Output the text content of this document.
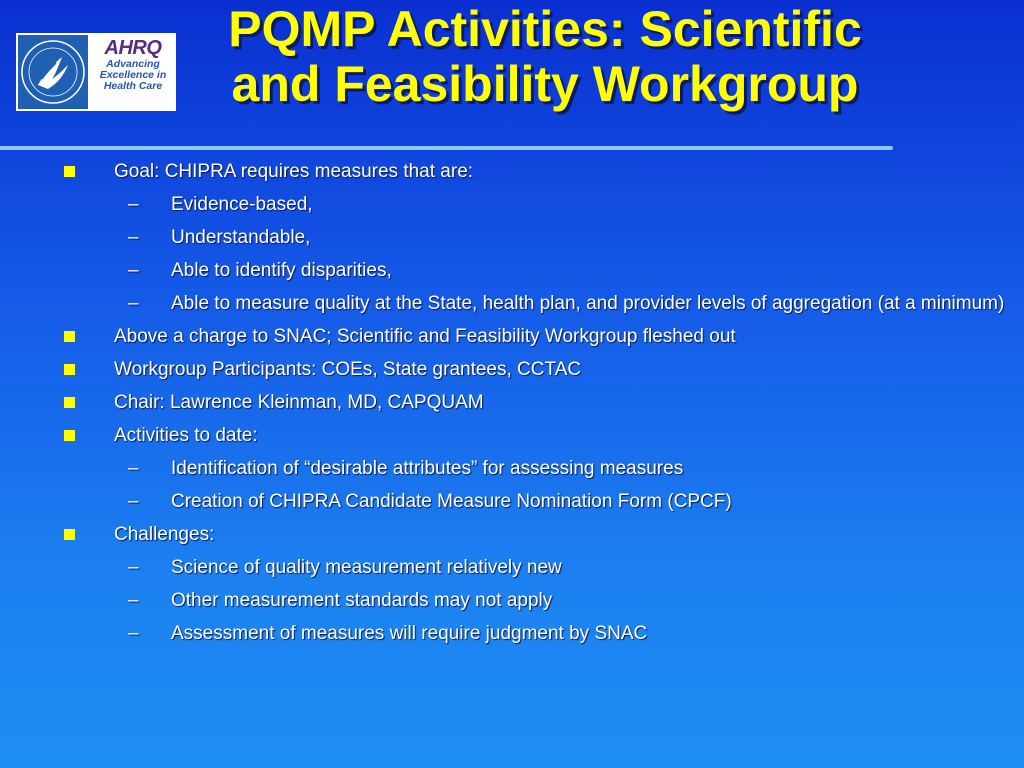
AHRQ
Advancing
Excellence in
Health Care
PQMP Activities: Scientific
and Feasibility Workgroup
Goal: CHIPRA requires measures that are:
– Evidence-based,
– Understandable,
– Able to identify disparities,
– Able to measure quality at the State, health plan, and provider levels of aggregation (at a minimum)
Above a charge to SNAC; Scientific and Feasibility Workgroup fleshed out
Workgroup Participants: COEs, State grantees, CCTAC
Chair: Lawrence Kleinman, MD, CAPQUAM
Activities to date:
– Identification of “desirable attributes” for assessing measures
– Creation of CHIPRA Candidate Measure Nomination Form (CPCF)
Challenges:
– Science of quality measurement relatively new
– Other measurement standards may not apply
– Assessment of measures will require judgment by SNAC
